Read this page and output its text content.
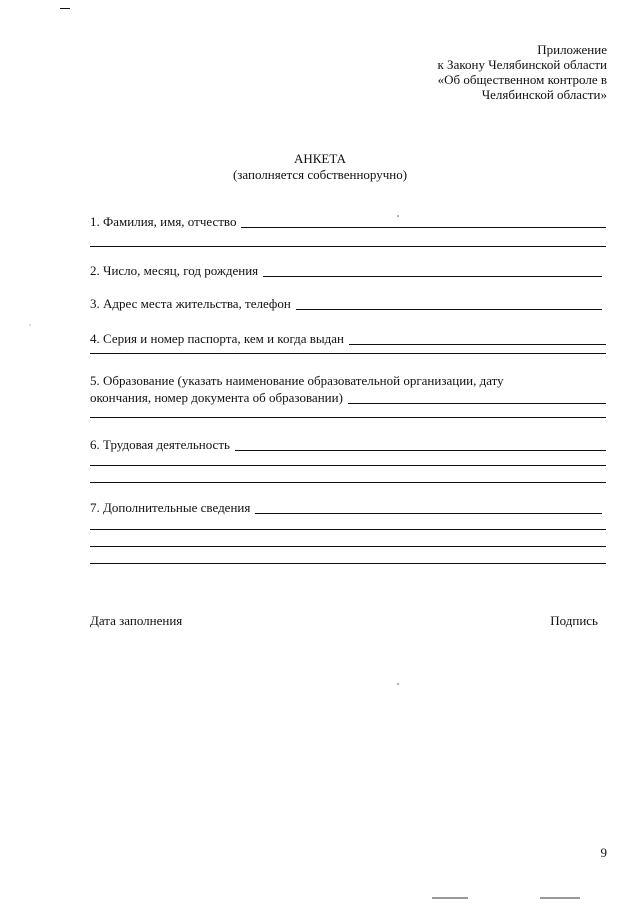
Приложение
к Закону Челябинской области
«Об общественном контроле в
Челябинской области»
АНКЕТА
(заполняется собственноручно)
1. Фамилия, имя, отчество
2. Число, месяц, год рождения
3. Адрес места жительства, телефон
4. Серия и номер паспорта, кем и когда выдан
5. Образование (указать наименование образовательной организации, дату
окончания, номер документа об образовании)
6. Трудовая деятельность
7. Дополнительные сведения
Дата заполнения	Подпись
9
